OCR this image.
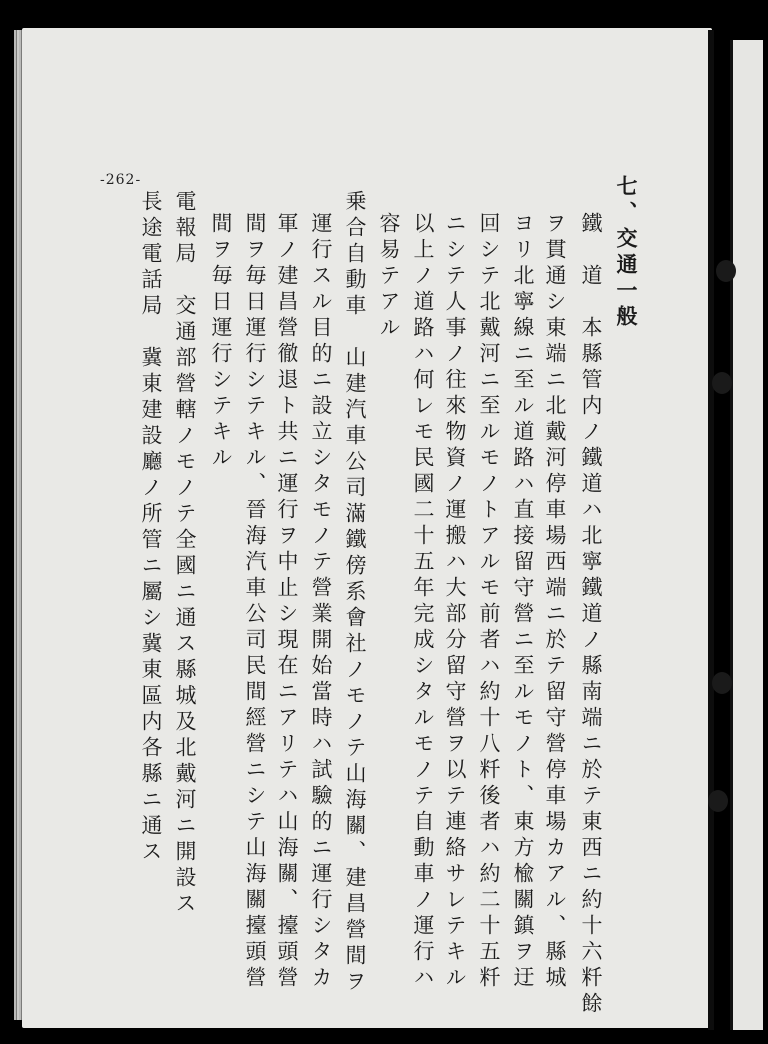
-262-	七、交通一般
鐵　道　本縣管内ノ鐵道ハ北寧鐵道ノ縣南端ニ於テ東西ニ約十六粁餘
ヲ貫通シ東端ニ北戴河停車場西端ニ於テ留守營停車場カアル、縣城
ヨリ北寧線ニ至ル道路ハ直接留守營ニ至ルモノト、東方楡關鎮ヲ迂
回シテ北戴河ニ至ルモノトアルモ前者ハ約十八粁後者ハ約二十五粁
ニシテ人事ノ往來物資ノ運搬ハ大部分留守營ヲ以テ連絡サレテキル
以上ノ道路ハ何レモ民國二十五年完成シタルモノテ自動車ノ運行ハ
容易テアル
乗合自動車　山建汽車公司滿鐵傍系會社ノモノテ山海關、建昌營間ヲ
運行スル目的ニ設立シタモノテ營業開始當時ハ試驗的ニ運行シタカ
軍ノ建昌營徹退ト共ニ運行ヲ中止シ現在ニアリテハ山海關、擡頭營
間ヲ毎日運行シテキル、晉海汽車公司民間經營ニシテ山海關擡頭營
間ヲ毎日運行シテキル
電報局　交通部營轄ノモノテ全國ニ通ス縣城及北戴河ニ開設ス
長途電話局　冀東建設廳ノ所管ニ屬シ冀東區内各縣ニ通ス
